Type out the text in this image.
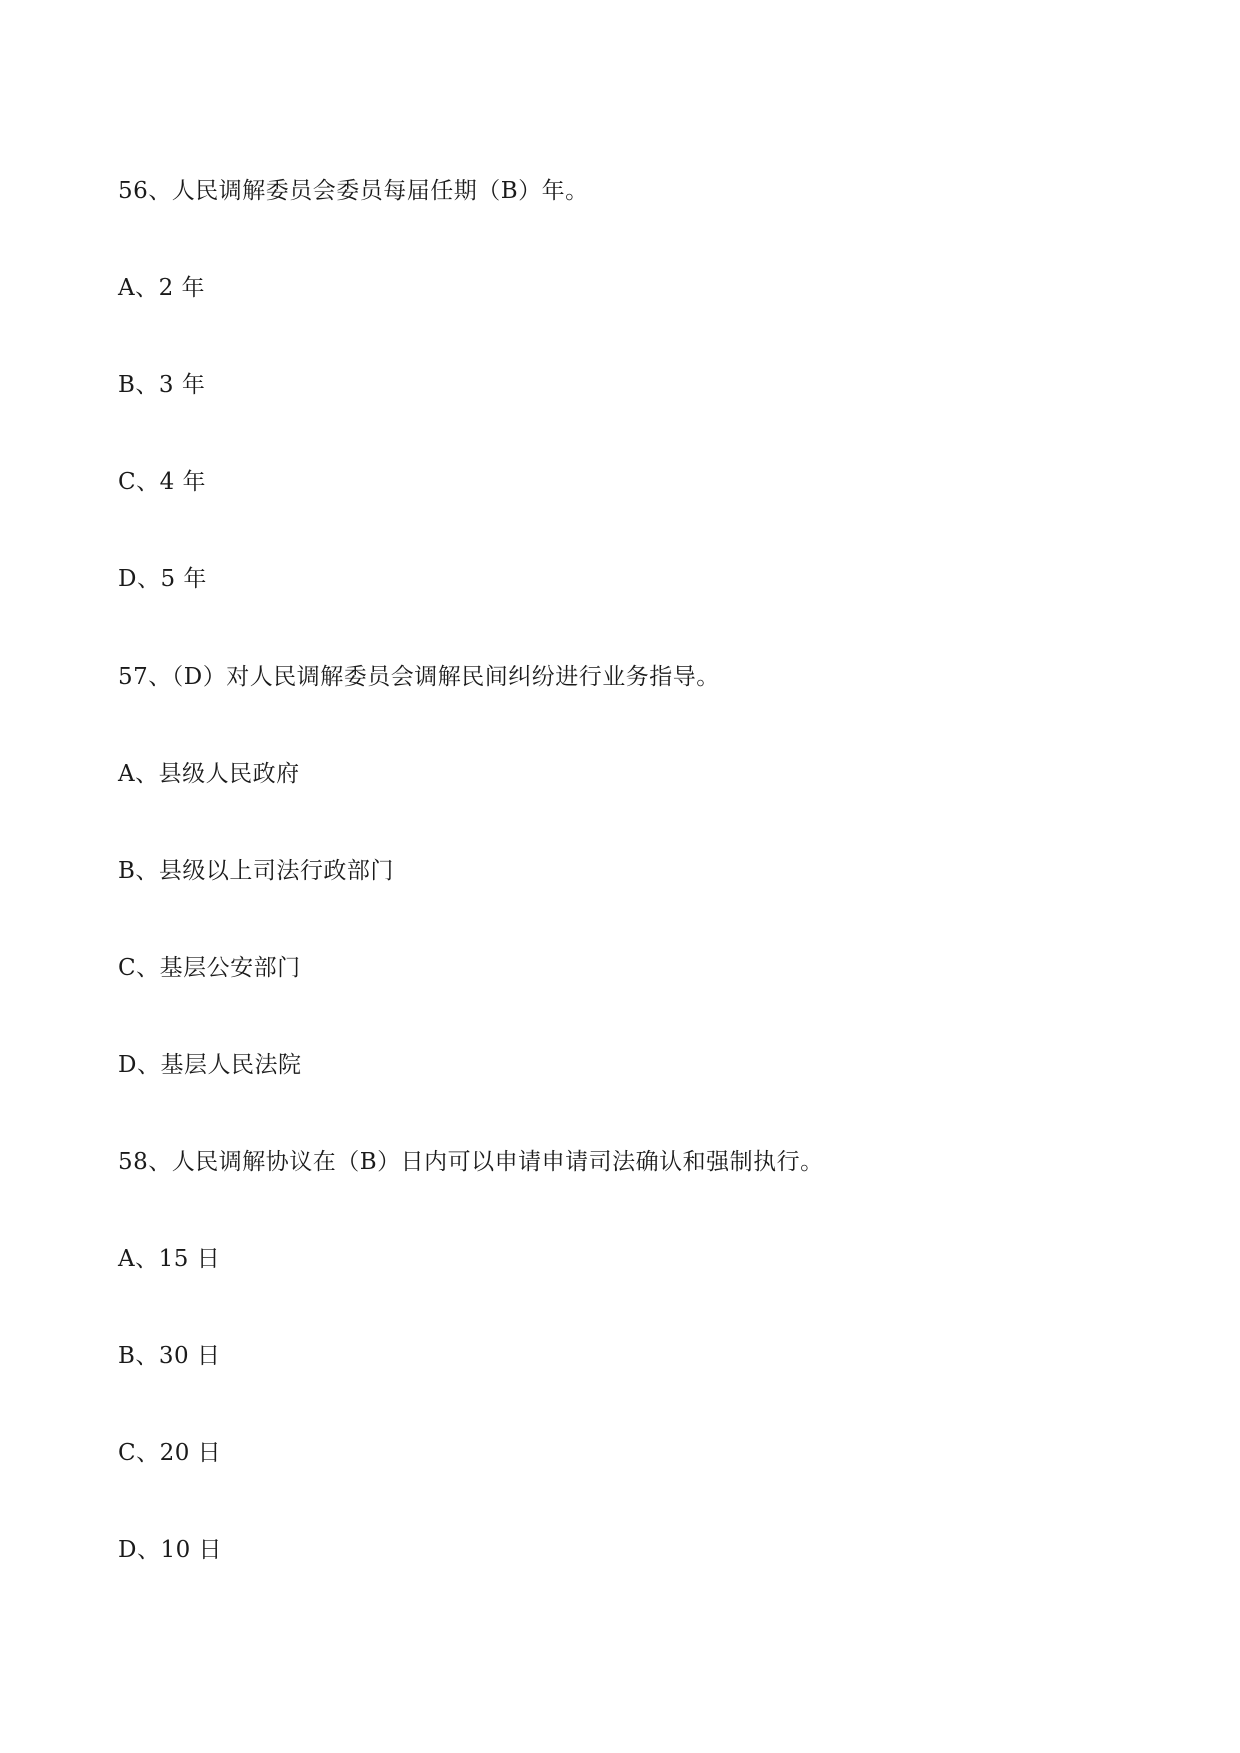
56、人民调解委员会委员每届任期（B）年。
A、2 年
B、3 年
C、4 年
D、5 年
57、（D）对人民调解委员会调解民间纠纷进行业务指导。
A、县级人民政府
B、县级以上司法行政部门
C、基层公安部门
D、基层人民法院
58、人民调解协议在（B）日内可以申请申请司法确认和强制执行。
A、15 日
B、30 日
C、20 日
D、10 日
